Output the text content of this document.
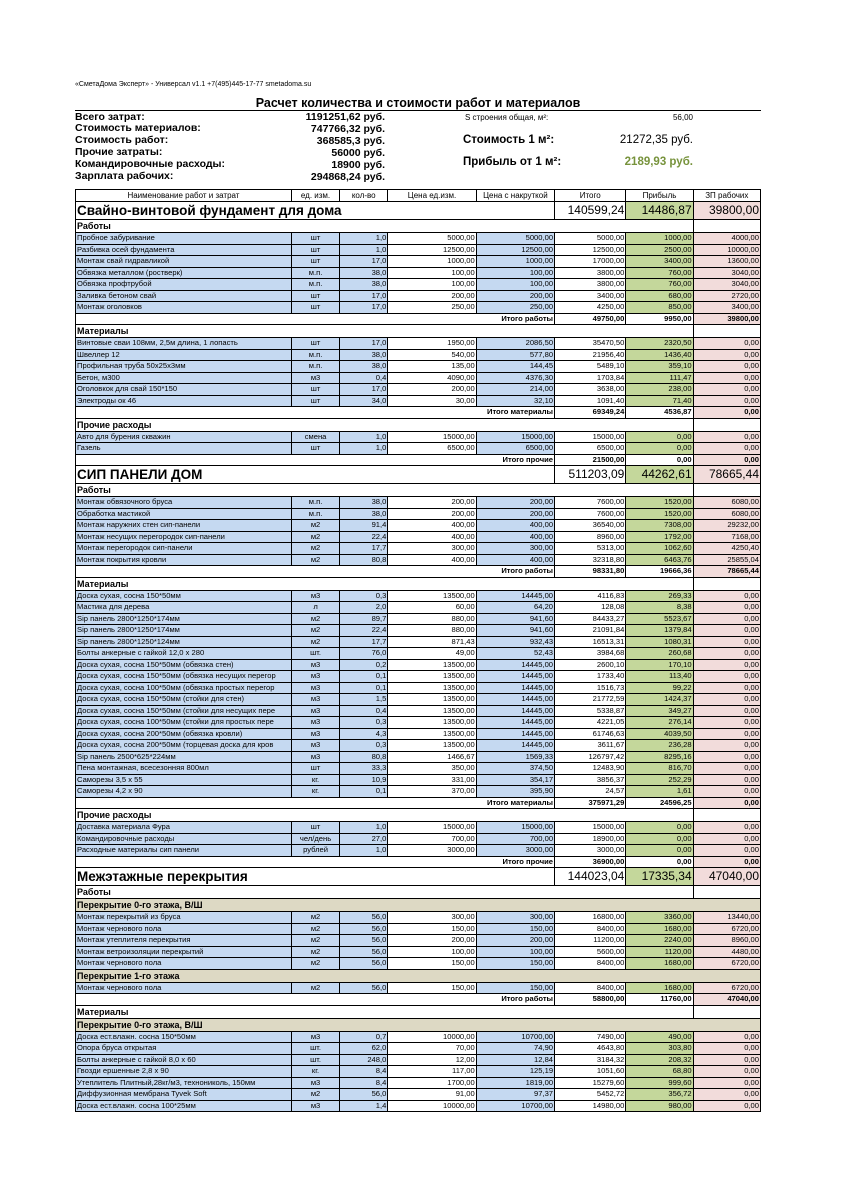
«СметаДома Эксперт» - Универсал v1.1 +7(495)445-17-77 smetadoma.su
Расчет количества и стоимости работ и материалов
Всего затрат:	1191251,62 руб.
Стоимость материалов:	747766,32 руб.
Стоимость работ:	368585,3 руб.
Прочие затраты:	56000 руб.
Командировочные расходы:	18900 руб.
Зарплата рабочих:	294868,24 руб.
S строения общая, м²:	56,00
Стоимость 1 м²:	21272,35 руб.
Прибыль от 1 м²:	2189,93 руб.
Наименование работ и затрат	ед. изм.	кол-во	Цена ед.изм.	Цена с накруткой	Итого	Прибыль	ЗП рабочих
Свайно-винтовой фундамент для дома					140599,24	14486,87	39800,00
Работы							
Пробное забуривание	шт	1,0	5000,00	5000,00	5000,00	1000,00	4000,00
Разбивка осей фундамента	шт	1,0	12500,00	12500,00	12500,00	2500,00	10000,00
Монтаж свай гидравликой	шт	17,0	1000,00	1000,00	17000,00	3400,00	13600,00
Обвязка металлом (ростверк)	м.п.	38,0	100,00	100,00	3800,00	760,00	3040,00
Обвязка профтрубой	м.п.	38,0	100,00	100,00	3800,00	760,00	3040,00
Заливка бетоном свай	шт	17,0	200,00	200,00	3400,00	680,00	2720,00
Монтаж оголовков	шт	17,0	250,00	250,00	4250,00	850,00	3400,00
Итого работы					49750,00	9950,00	39800,00
Материалы							
Винтовые сваи 108мм, 2,5м длина, 1 лопасть	шт	17,0	1950,00	2086,50	35470,50	2320,50	0,00
Швеллер 12	м.п.	38,0	540,00	577,80	21956,40	1436,40	0,00
Профильная труба 50x25x3мм	м.п.	38,0	135,00	144,45	5489,10	359,10	0,00
Бетон, м300	м3	0,4	4090,00	4376,30	1703,84	111,47	0,00
Оголовкок для свай 150*150	шт	17,0	200,00	214,00	3638,00	238,00	0,00
Электроды ок 46	шт	34,0	30,00	32,10	1091,40	71,40	0,00
Итого материалы					69349,24	4536,87	0,00
Прочие расходы							
Авто для бурения скважин	смена	1,0	15000,00	15000,00	15000,00	0,00	0,00
Газель	шт	1,0	6500,00	6500,00	6500,00	0,00	0,00
Итого прочие					21500,00	0,00	0,00
СИП ПАНЕЛИ ДОМ					511203,09	44262,61	78665,44
Работы							
Монтаж обвязочного бруса	м.п.	38,0	200,00	200,00	7600,00	1520,00	6080,00
Обработка мастикой	м.п.	38,0	200,00	200,00	7600,00	1520,00	6080,00
Монтаж наружних стен сип-панели	м2	91,4	400,00	400,00	36540,00	7308,00	29232,00
Монтаж несущих перегородок сип-панели	м2	22,4	400,00	400,00	8960,00	1792,00	7168,00
Монтаж перегородок сип-панели	м2	17,7	300,00	300,00	5313,00	1062,60	4250,40
Монтаж покрытия кровли	м2	80,8	400,00	400,00	32318,80	6463,76	25855,04
Итого работы					98331,80	19666,36	78665,44
Материалы							
Доска сухая, сосна 150*50мм	м3	0,3	13500,00	14445,00	4116,83	269,33	0,00
Мастика для дерева	л	2,0	60,00	64,20	128,08	8,38	0,00
Sip панель 2800*1250*174мм	м2	89,7	880,00	941,60	84433,27	5523,67	0,00
Sip панель 2800*1250*174мм	м2	22,4	880,00	941,60	21091,84	1379,84	0,00
Sip панель 2800*1250*124мм	м2	17,7	871,43	932,43	16513,31	1080,31	0,00
Болты анкерные с гайкой 12,0 x 280	шт.	76,0	49,00	52,43	3984,68	260,68	0,00
Доска сухая, сосна 150*50мм (обвязка стен)	м3	0,2	13500,00	14445,00	2600,10	170,10	0,00
Доска сухая, сосна 150*50мм (обвязка несущих перегор	м3	0,1	13500,00	14445,00	1733,40	113,40	0,00
Доска сухая, сосна 100*50мм (обвязка простых перегор	м3	0,1	13500,00	14445,00	1516,73	99,22	0,00
Доска сухая, сосна 150*50мм (стойки для стен)	м3	1,5	13500,00	14445,00	21772,59	1424,37	0,00
Доска сухая, сосна 150*50мм (стойки для несущих пере	м3	0,4	13500,00	14445,00	5338,87	349,27	0,00
Доска сухая, сосна 100*50мм (стойки для простых пере	м3	0,3	13500,00	14445,00	4221,05	276,14	0,00
Доска сухая, сосна 200*50мм (обвязка кровли)	м3	4,3	13500,00	14445,00	61746,63	4039,50	0,00
Доска сухая, сосна 200*50мм (торцевая доска для кров	м3	0,3	13500,00	14445,00	3611,67	236,28	0,00
Sip панель 2500*625*224мм	м3	80,8	1466,67	1569,33	126797,42	8295,16	0,00
Пена монтажная, всесезонняя 800мл	шт	33,3	350,00	374,50	12483,90	816,70	0,00
Саморезы 3,5 x 55	кг.	10,9	331,00	354,17	3856,37	252,29	0,00
Саморезы 4,2 x 90	кг.	0,1	370,00	395,90	24,57	1,61	0,00
Итого материалы					375971,29	24596,25	0,00
Прочие расходы							
Доставка материала Фура	шт	1,0	15000,00	15000,00	15000,00	0,00	0,00
Командировочные расходы	чел/день	27,0	700,00	700,00	18900,00	0,00	0,00
Расходные материалы сип панели	рублей	1,0	3000,00	3000,00	3000,00	0,00	0,00
Итого прочие					36900,00	0,00	0,00
Межэтажные перекрытия					144023,04	17335,34	47040,00
Работы							
Перекрытие 0-го этажа, В/Ш							
Монтаж перекрытий из бруса	м2	56,0	300,00	300,00	16800,00	3360,00	13440,00
Монтаж чернового пола	м2	56,0	150,00	150,00	8400,00	1680,00	6720,00
Монтаж утеплителя перекрытия	м2	56,0	200,00	200,00	11200,00	2240,00	8960,00
Монтаж ветроизоляции перекрытий	м2	56,0	100,00	100,00	5600,00	1120,00	4480,00
Монтаж чернового пола	м2	56,0	150,00	150,00	8400,00	1680,00	6720,00
Перекрытие 1-го этажа							
Монтаж чернового пола	м2	56,0	150,00	150,00	8400,00	1680,00	6720,00
Итого работы					58800,00	11760,00	47040,00
Материалы							
Перекрытие 0-го этажа, В/Ш							
Доска ест.влажн. сосна 150*50мм	м3	0,7	10000,00	10700,00	7490,00	490,00	0,00
Опора бруса открытая	шт.	62,0	70,00	74,90	4643,80	303,80	0,00
Болты анкерные с гайкой 8,0 x 60	шт.	248,0	12,00	12,84	3184,32	208,32	0,00
Гвозди ершенные 2,8 x 90	кг.	8,4	117,00	125,19	1051,60	68,80	0,00
Утеплитель Плитный,28кг/м3, технониколь, 150мм	м3	8,4	1700,00	1819,00	15279,60	999,60	0,00
Диффузионная мембрана Tyvek Soft	м2	56,0	91,00	97,37	5452,72	356,72	0,00
Доска ест.влажн. сосна 100*25мм	м3	1,4	10000,00	10700,00	14980,00	980,00	0,00
